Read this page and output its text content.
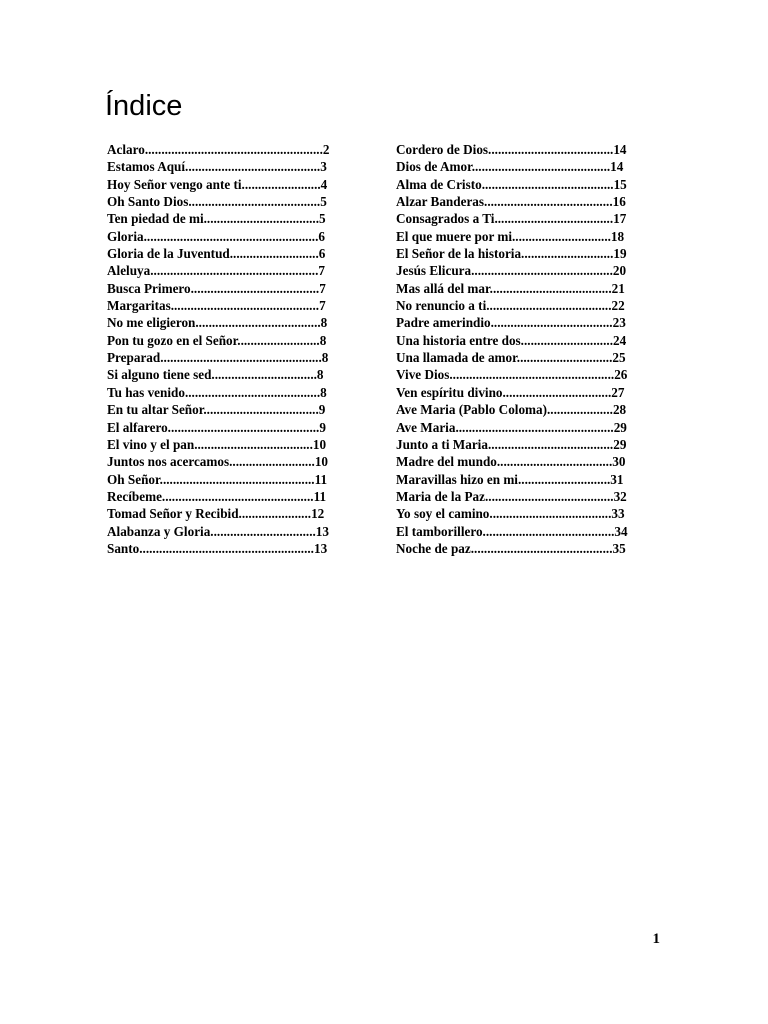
Índice
Aclaro......................................................2
Estamos Aquí.........................................3
Hoy Señor vengo ante ti........................4
Oh Santo Dios........................................5
Ten piedad de mi...................................5
Gloria.....................................................6
Gloria de la Juventud...........................6
Aleluya...................................................7
Busca Primero.......................................7
Margaritas.............................................7
No me eligieron......................................8
Pon tu gozo en el Señor.........................8
Preparad.................................................8
Si alguno tiene sed................................8
Tu has venido.........................................8
En tu altar Señor...................................9
El alfarero..............................................9
El vino y el pan....................................10
Juntos nos acercamos..........................10
Oh Señor...............................................11
Recíbeme..............................................11
Tomad Señor y Recibid......................12
Alabanza y Gloria................................13
Santo.....................................................13
Cordero de Dios......................................14
Dios de Amor..........................................14
Alma de Cristo........................................15
Alzar Banderas.......................................16
Consagrados a Ti....................................17
El que muere por mi..............................18
El Señor de la historia............................19
Jesús Elicura...........................................20
Mas allá del mar.....................................21
No renuncio a ti......................................22
Padre amerindio.....................................23
Una historia entre dos............................24
Una llamada de amor.............................25
Vive Dios..................................................26
Ven espíritu divino.................................27
Ave Maria (Pablo Coloma)....................28
Ave Maria................................................29
Junto a ti Maria......................................29
Madre del mundo...................................30
Maravillas hizo en mi............................31
Maria de la Paz.......................................32
Yo soy el camino.....................................33
El tamborillero........................................34
Noche de paz...........................................35
1
